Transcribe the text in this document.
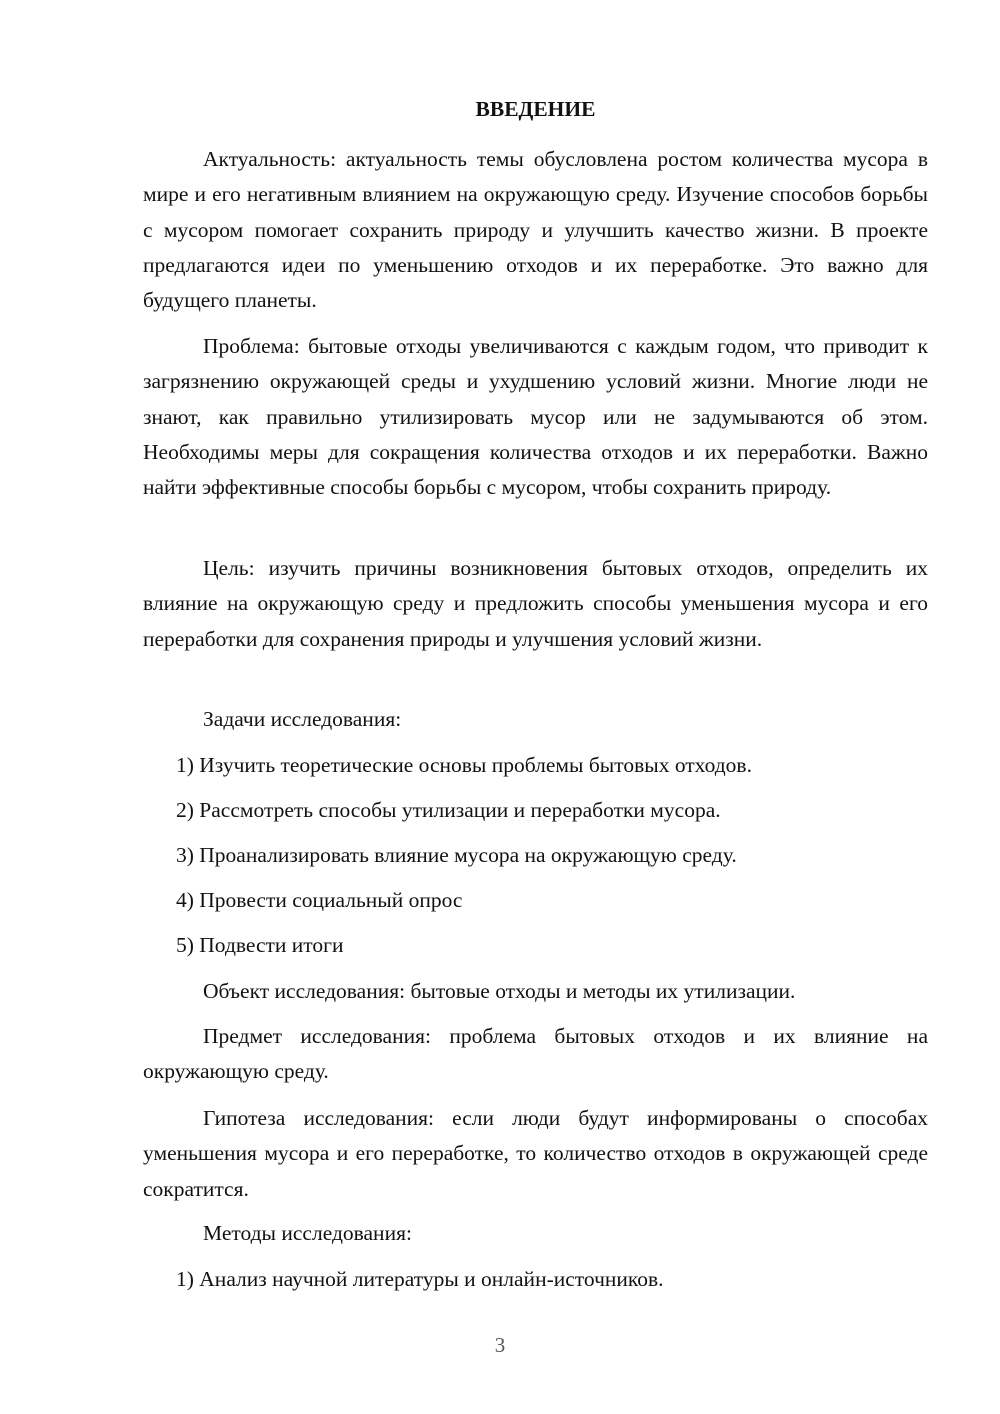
ВВЕДЕНИЕ

Актуальность: актуальность темы обусловлена ростом количества мусора в мире и его негативным влиянием на окружающую среду. Изучение способов борьбы с мусором помогает сохранить природу и улучшить качество жизни. В проекте предлагаются идеи по уменьшению отходов и их переработке. Это важно для будущего планеты.

Проблема: бытовые отходы увеличиваются с каждым годом, что приводит к загрязнению окружающей среды и ухудшению условий жизни. Многие люди не знают, как правильно утилизировать мусор или не задумываются об этом. Необходимы меры для сокращения количества отходов и их переработки. Важно найти эффективные способы борьбы с мусором, чтобы сохранить природу.

Цель: изучить причины возникновения бытовых отходов, определить их влияние на окружающую среду и предложить способы уменьшения мусора и его переработки для сохранения природы и улучшения условий жизни.

Задачи исследования:

1) Изучить теоретические основы проблемы бытовых отходов.

2) Рассмотреть способы утилизации и переработки мусора.

3) Проанализировать влияние мусора на окружающую среду.

4) Провести социальный опрос

5) Подвести итоги

Объект исследования: бытовые отходы и методы их утилизации.

Предмет исследования: проблема бытовых отходов и их влияние на окружающую среду.

Гипотеза исследования: если люди будут информированы о способах уменьшения мусора и его переработке, то количество отходов в окружающей среде сократится.

Методы исследования:

1) Анализ научной литературы и онлайн-источников.

3
